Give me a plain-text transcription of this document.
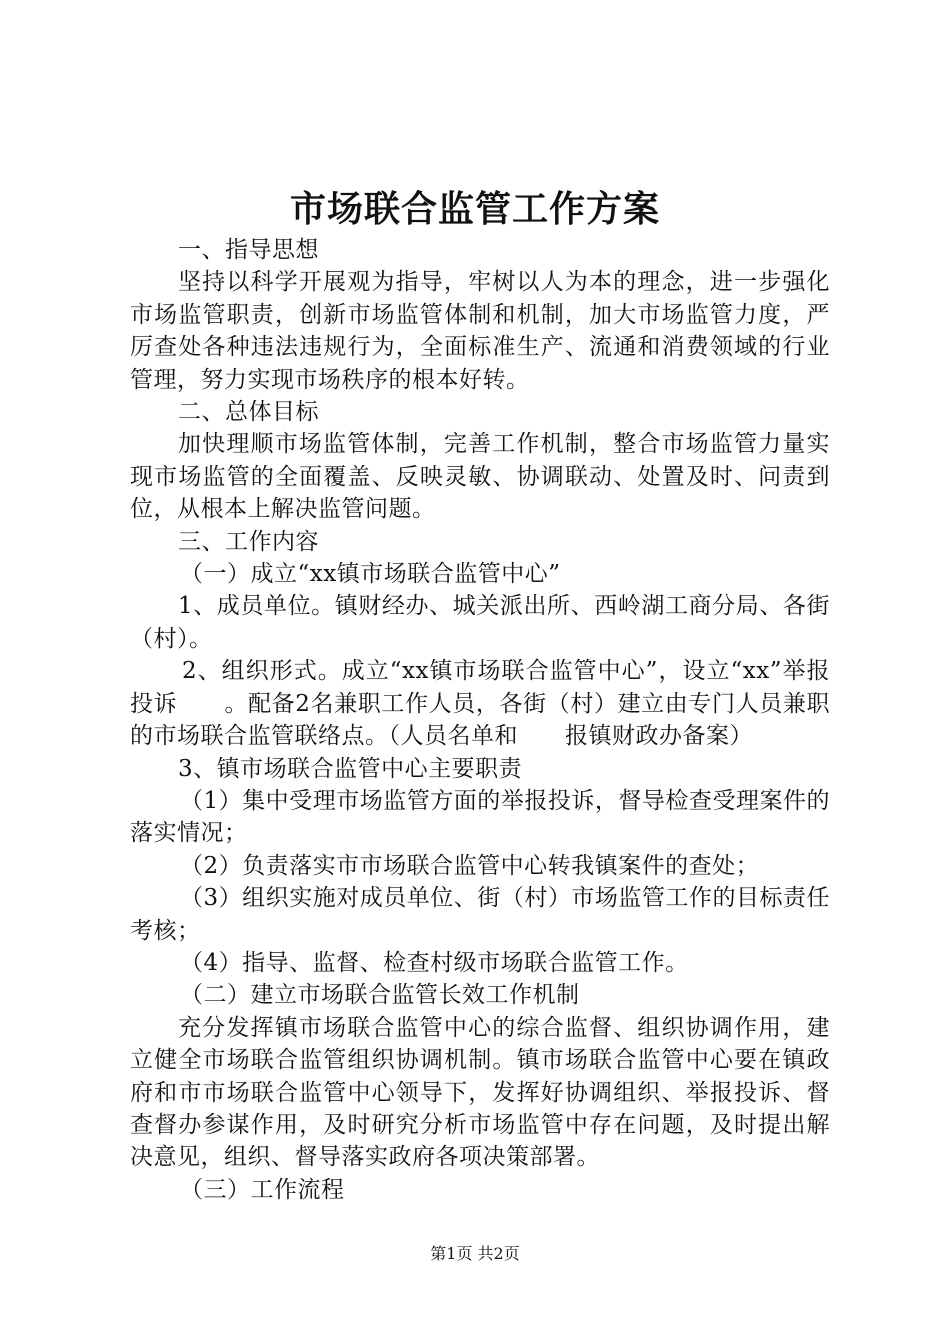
市场联合监管工作方案

一、指导思想

坚持以科学开展观为指导，牢树以人为本的理念，进一步强化市场监管职责，创新市场监管体制和机制，加大市场监管力度，严厉查处各种违法违规行为，全面标准生产、流通和消费领域的行业管理，努力实现市场秩序的根本好转。

二、总体目标

加快理顺市场监管体制，完善工作机制，整合市场监管力量实现市场监管的全面覆盖、反映灵敏、协调联动、处置及时、问责到位，从根本上解决监管问题。

三、工作内容

（一）成立“xx镇市场联合监管中心”

1、成员单位。镇财经办、城关派出所、西岭湖工商分局、各街（村）。

2、组织形式。成立“xx镇市场联合监管中心”，设立“xx”举报投诉　　。配备2名兼职工作人员，各街（村）建立由专门人员兼职的市场联合监管联络点。（人员名单和　　报镇财政办备案）

3、镇市场联合监管中心主要职责

（1）集中受理市场监管方面的举报投诉，督导检查受理案件的落实情况；

（2）负责落实市市场联合监管中心转我镇案件的查处；

（3）组织实施对成员单位、街（村）市场监管工作的目标责任考核；

（4）指导、监督、检查村级市场联合监管工作。

（二）建立市场联合监管长效工作机制

充分发挥镇市场联合监管中心的综合监督、组织协调作用，建立健全市场联合监管组织协调机制。镇市场联合监管中心要在镇政府和市市场联合监管中心领导下，发挥好协调组织、举报投诉、督查督办参谋作用，及时研究分析市场监管中存在问题，及时提出解决意见，组织、督导落实政府各项决策部署。

（三）工作流程

第1页 共2页
